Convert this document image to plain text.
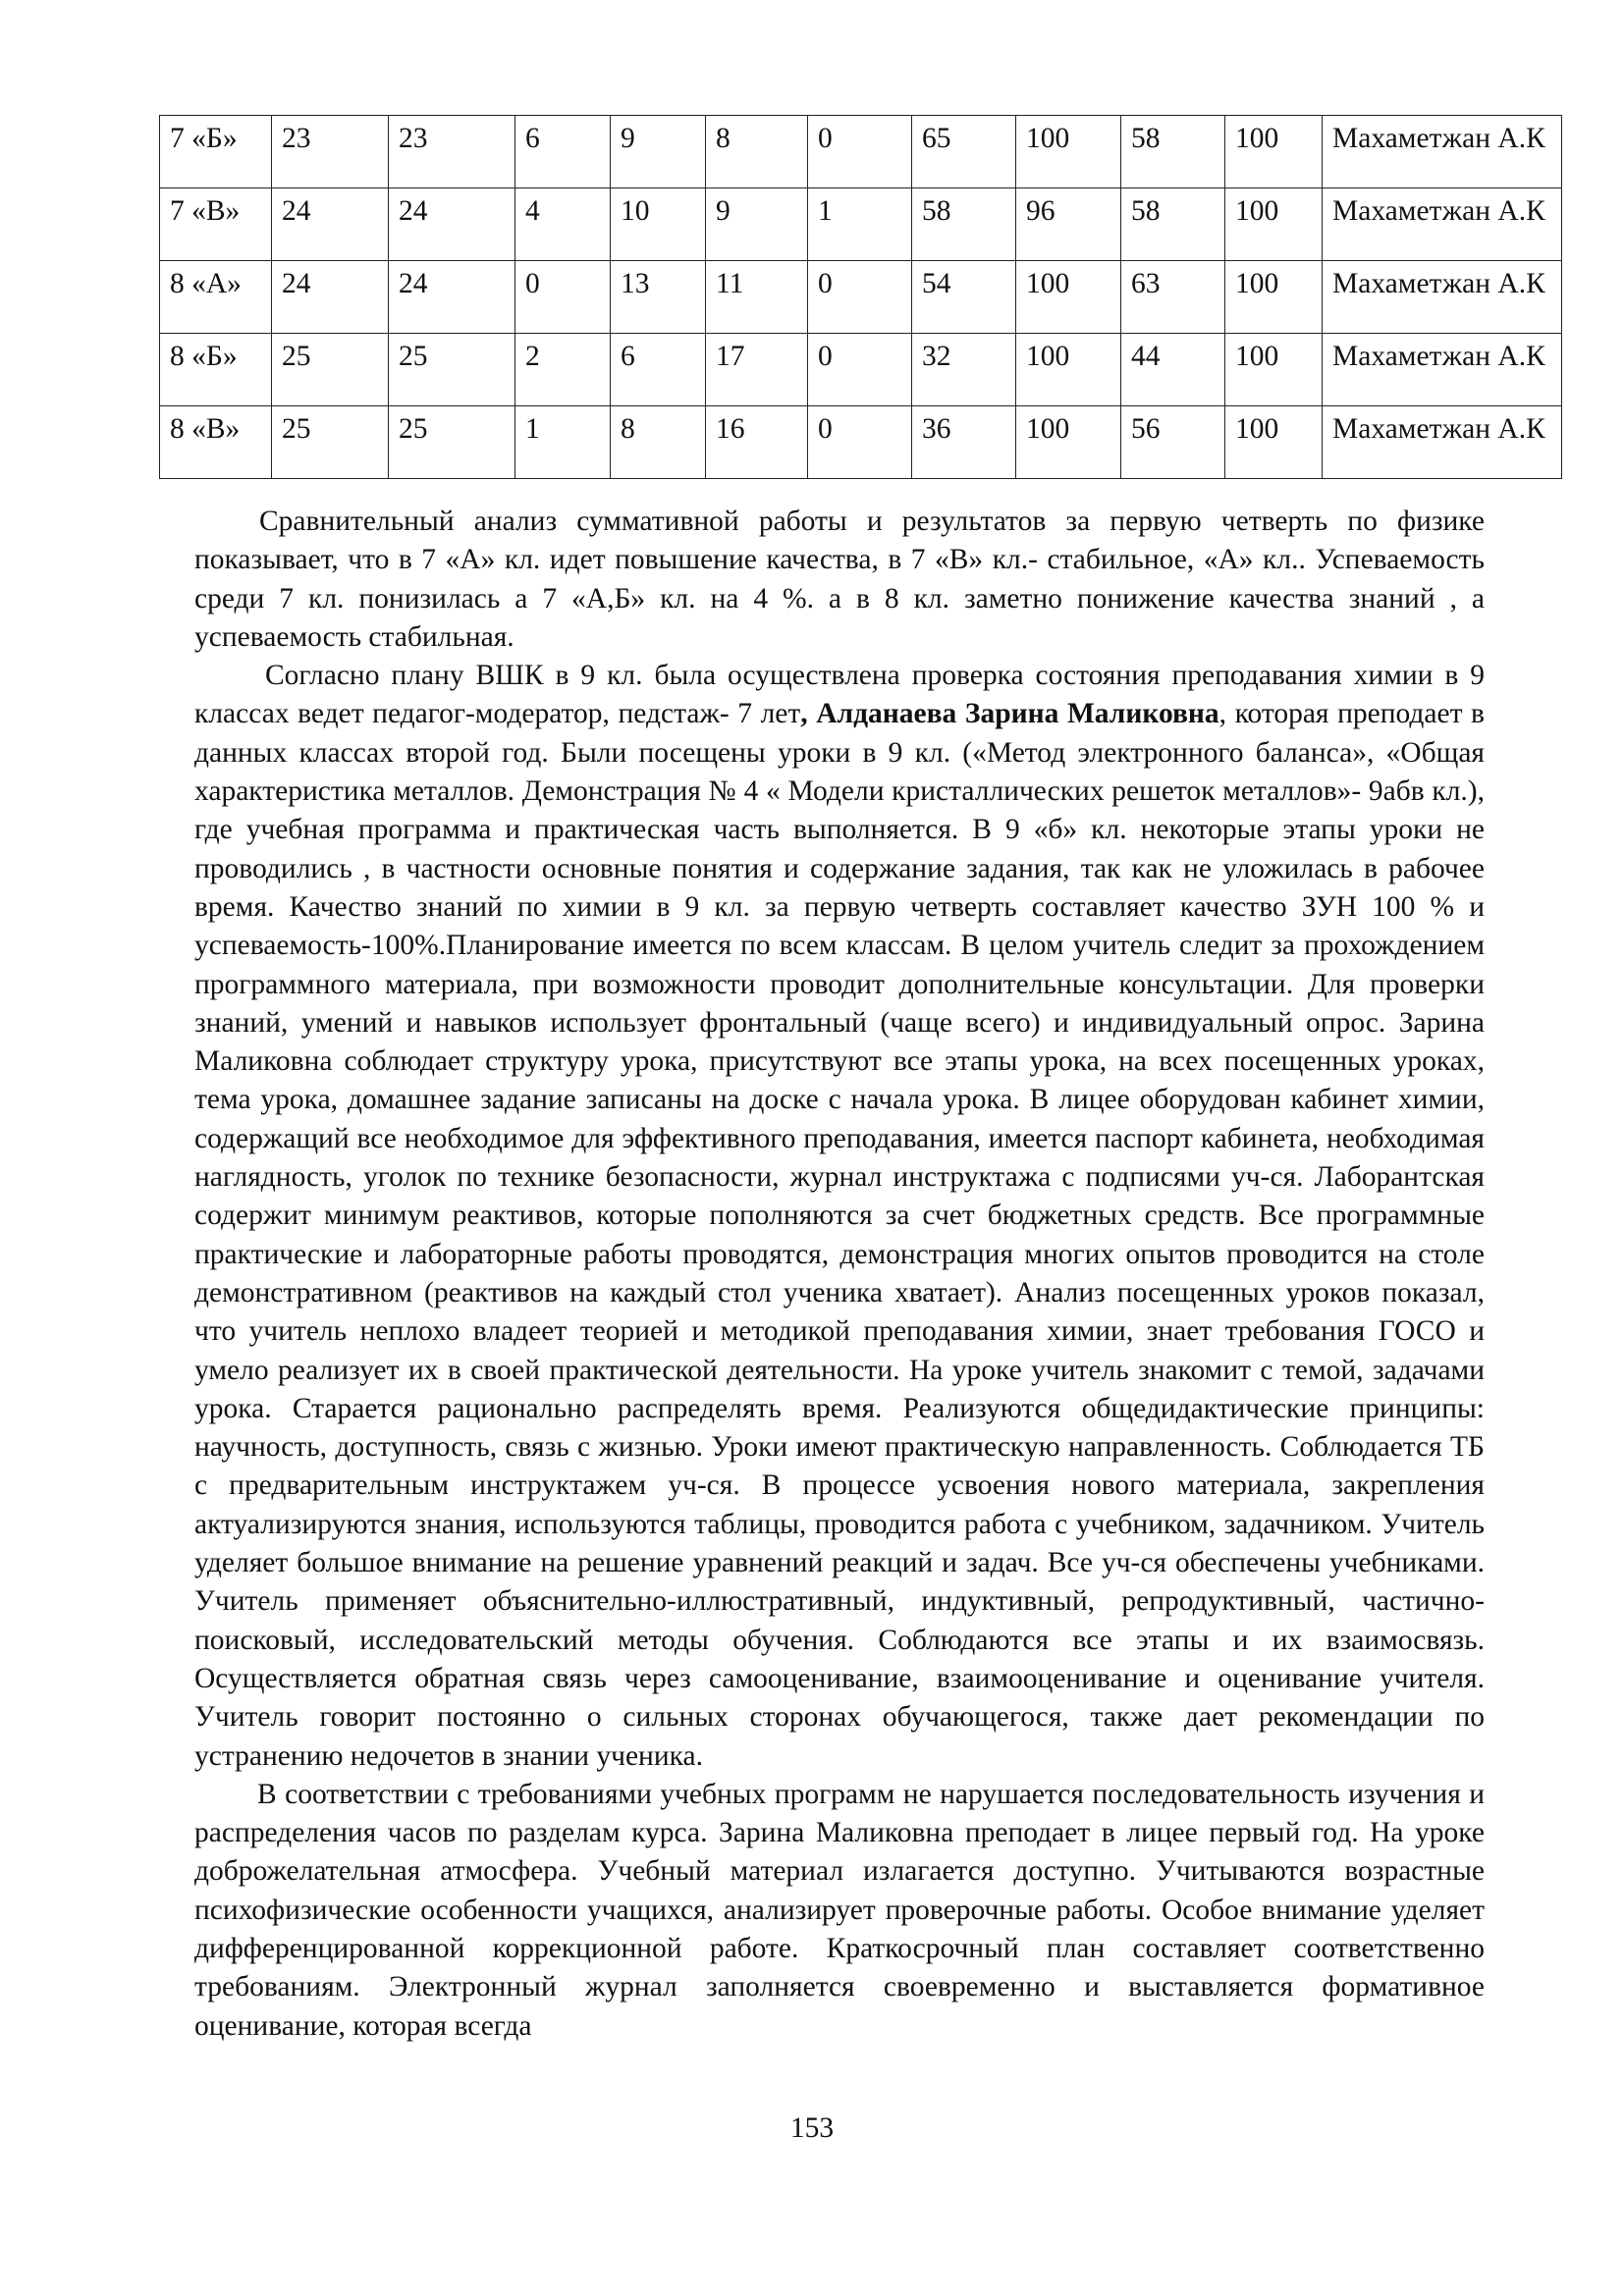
7 «Б»	23	23	6	9	8	0	65	100	58	100	Махаметжан А.К
7 «В»	24	24	4	10	9	1	58	96	58	100	Махаметжан А.К
8 «А»	24	24	0	13	11	0	54	100	63	100	Махаметжан А.К
8 «Б»	25	25	2	6	17	0	32	100	44	100	Махаметжан А.К
8 «В»	25	25	1	8	16	0	36	100	56	100	Махаметжан А.К

Сравнительный анализ суммативной работы и результатов за первую четверть по физике показывает, что в 7 «А» кл. идет повышение качества, в 7 «В» кл.- стабильное, «А» кл.. Успеваемость среди 7 кл. понизилась а 7 «А,Б» кл. на 4 %. а в 8 кл. заметно понижение качества знаний , а успеваемость стабильная.

Согласно плану ВШК в 9 кл. была осуществлена проверка состояния преподавания химии в 9 классах ведет педагог-модератор, педстаж- 7 лет, Алданаева Зарина Маликовна, которая преподает в данных классах второй год. Были посещены уроки в 9 кл. («Метод электронного баланса», «Общая характеристика металлов. Демонстрация № 4 « Модели кристаллических решеток металлов»- 9абв кл.), где учебная программа и практическая часть выполняется. В 9 «б» кл. некоторые этапы уроки не проводились , в частности основные понятия и содержание задания, так как не уложилась в рабочее время. Качество знаний по химии в 9 кл. за первую четверть составляет качество ЗУН 100 % и успеваемость-100%.Планирование имеется по всем классам. В целом учитель следит за прохождением программного материала, при возможности проводит дополнительные консультации. Для проверки знаний, умений и навыков использует фронтальный (чаще всего) и индивидуальный опрос. Зарина Маликовна соблюдает структуру урока, присутствуют все этапы урока, на всех посещенных уроках, тема урока, домашнее задание записаны на доске с начала урока. В лицее оборудован кабинет химии, содержащий все необходимое для эффективного преподавания, имеется паспорт кабинета, необходимая наглядность, уголок по технике безопасности, журнал инструктажа с подписями уч-ся. Лаборантская содержит минимум реактивов, которые пополняются за счет бюджетных средств. Все программные практические и лабораторные работы проводятся, демонстрация многих опытов проводится на столе демонстративном (реактивов на каждый стол ученика хватает). Анализ посещенных уроков показал, что учитель неплохо владеет теорией и методикой преподавания химии, знает требования ГОСО и умело реализует их в своей практической деятельности. На уроке учитель знакомит с темой, задачами урока. Старается рационально распределять время. Реализуются общедидактические принципы: научность, доступность, связь с жизнью. Уроки имеют практическую направленность. Соблюдается ТБ с предварительным инструктажем уч-ся. В процессе усвоения нового материала, закрепления актуализируются знания, используются таблицы, проводится работа с учебником, задачником. Учитель уделяет большое внимание на решение уравнений реакций и задач. Все уч-ся обеспечены учебниками. Учитель применяет объяснительно-иллюстративный, индуктивный, репродуктивный, частично-поисковый, исследовательский методы обучения. Соблюдаются все этапы и их взаимосвязь. Осуществляется обратная связь через самооценивание, взаимооценивание и оценивание учителя. Учитель говорит постоянно о сильных сторонах обучающегося, также дает рекомендации по устранению недочетов в знании ученика.

В соответствии с требованиями учебных программ не нарушается последовательность изучения и распределения часов по разделам курса. Зарина Маликовна преподает в лицее первый год. На уроке доброжелательная атмосфера. Учебный материал излагается доступно. Учитываются возрастные психофизические особенности учащихся, анализирует проверочные работы. Особое внимание уделяет дифференцированной коррекционной работе. Краткосрочный план составляет соответственно требованиям. Электронный журнал заполняется своевременно и выставляется формативное оценивание, которая всегда

153
